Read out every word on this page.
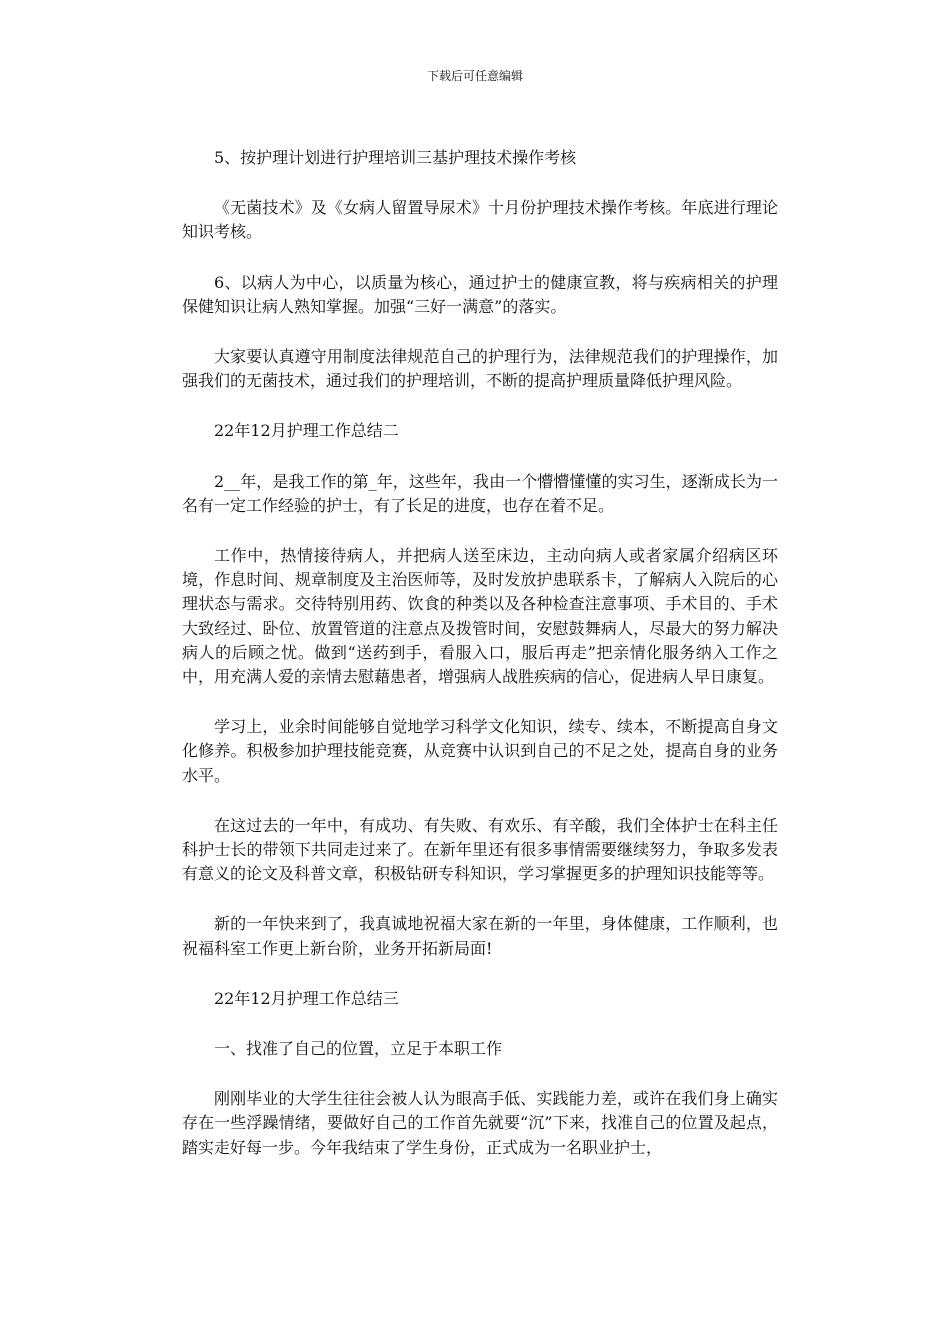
下载后可任意编辑

5、按护理计划进行护理培训三基护理技术操作考核

《无菌技术》及《女病人留置导尿术》十月份护理技术操作考核。年底进行理论知识考核。

6、以病人为中心，以质量为核心，通过护士的健康宣教，将与疾病相关的护理保健知识让病人熟知掌握。加强“三好一满意”的落实。

大家要认真遵守用制度法律规范自己的护理行为，法律规范我们的护理操作，加强我们的无菌技术，通过我们的护理培训，不断的提高护理质量降低护理风险。

22年12月护理工作总结二

2__年，是我工作的第_年，这些年，我由一个懵懵懂懂的实习生，逐渐成长为一名有一定工作经验的护士，有了长足的进度，也存在着不足。

工作中，热情接待病人，并把病人送至床边，主动向病人或者家属介绍病区环境，作息时间、规章制度及主治医师等，及时发放护患联系卡，了解病人入院后的心理状态与需求。交待特别用药、饮食的种类以及各种检查注意事项、手术目的、手术大致经过、卧位、放置管道的注意点及拨管时间，安慰鼓舞病人，尽最大的努力解决病人的后顾之忧。做到“送药到手，看服入口，服后再走”把亲情化服务纳入工作之中，用充满人爱的亲情去慰藉患者，增强病人战胜疾病的信心，促进病人早日康复。

学习上，业余时间能够自觉地学习科学文化知识，续专、续本，不断提高自身文化修养。积极参加护理技能竞赛，从竞赛中认识到自己的不足之处，提高自身的业务水平。

在这过去的一年中，有成功、有失败、有欢乐、有辛酸，我们全体护士在科主任科护士长的带领下共同走过来了。在新年里还有很多事情需要继续努力，争取多发表有意义的论文及科普文章，积极钻研专科知识，学习掌握更多的护理知识技能等等。

新的一年快来到了，我真诚地祝福大家在新的一年里，身体健康，工作顺利，也祝福科室工作更上新台阶，业务开拓新局面!

22年12月护理工作总结三

一、找准了自己的位置，立足于本职工作

刚刚毕业的大学生往往会被人认为眼高手低、实践能力差，或许在我们身上确实存在一些浮躁情绪，要做好自己的工作首先就要“沉”下来，找准自己的位置及起点，踏实走好每一步。今年我结束了学生身份，正式成为一名职业护士，
